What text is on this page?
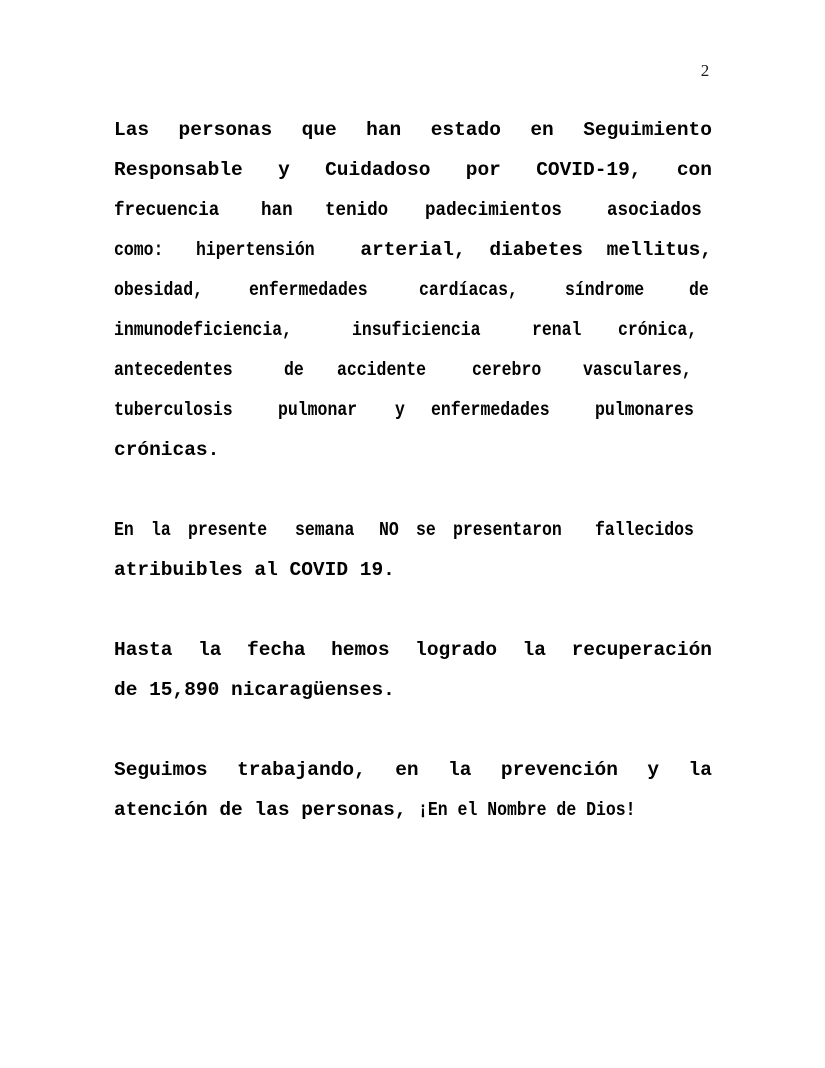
2

Las personas que han estado en Seguimiento
Responsable y Cuidadoso por COVID-19, con
frecuencia han tenido padecimientos asociados
como: hipertensión arterial, diabetes mellitus,
obesidad, enfermedades	cardíacas, síndrome de
inmunodeficiencia,	insuficiencia	renal crónica,
antecedentes	de accidente cerebro vasculares,
tuberculosis pulmonar y enfermedades pulmonares
crónicas.

En la presente semana NO se presentaron fallecidos
atribuibles al COVID 19.

Hasta la fecha hemos logrado la recuperación
de 15,890 nicaragüenses.

Seguimos trabajando, en la prevención y la
atención de las personas, ¡En el Nombre de Dios!
